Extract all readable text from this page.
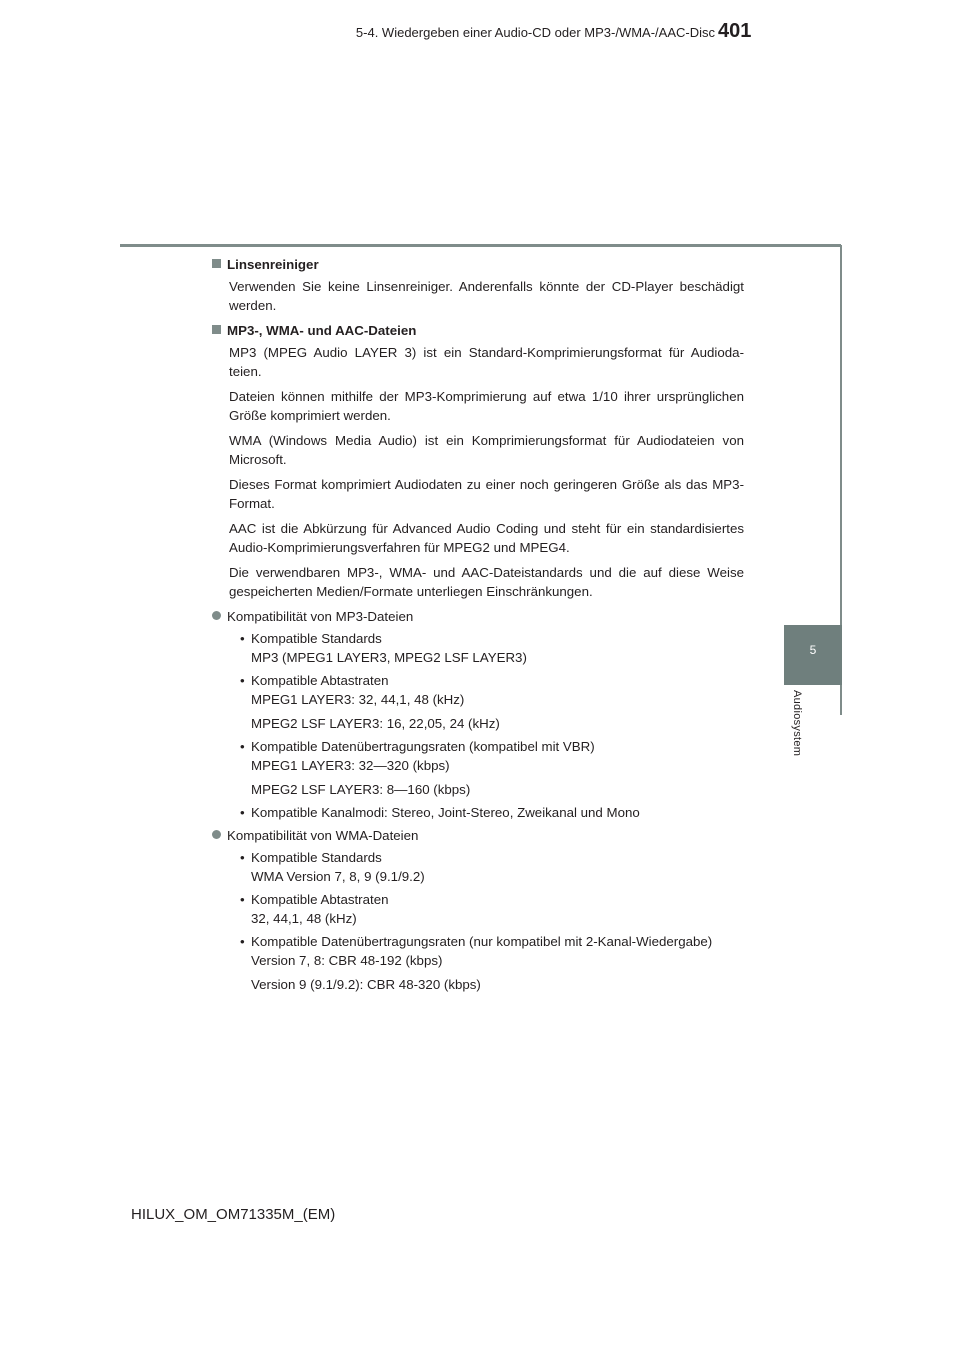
5-4. Wiedergeben einer Audio-CD oder MP3-/WMA-/AAC-Disc 401
5
Audiosystem
Linsenreiniger

Verwenden Sie keine Linsenreiniger. Anderenfalls könnte der CD-Player beschädigt werden.

MP3-, WMA- und AAC-Dateien

MP3 (MPEG Audio LAYER 3) ist ein Standard-Komprimierungsformat für Audioda-teien.

Dateien können mithilfe der MP3-Komprimierung auf etwa 1/10 ihrer ursprünglichen Größe komprimiert werden.

WMA (Windows Media Audio) ist ein Komprimierungsformat für Audiodateien von Microsoft.

Dieses Format komprimiert Audiodaten zu einer noch geringeren Größe als das MP3-Format.

AAC ist die Abkürzung für Advanced Audio Coding und steht für ein standardisiertes Audio-Komprimierungsverfahren für MPEG2 und MPEG4.

Die verwendbaren MP3-, WMA- und AAC-Dateistandards und die auf diese Weise gespeicherten Medien/Formate unterliegen Einschränkungen.

Kompatibilität von MP3-Dateien
• Kompatible Standards
MP3 (MPEG1 LAYER3, MPEG2 LSF LAYER3)
• Kompatible Abtastraten
MPEG1 LAYER3: 32, 44,1, 48 (kHz)
MPEG2 LSF LAYER3: 16, 22,05, 24 (kHz)
• Kompatible Datenübertragungsraten (kompatibel mit VBR)
MPEG1 LAYER3: 32—320 (kbps)
MPEG2 LSF LAYER3: 8—160 (kbps)
• Kompatible Kanalmodi: Stereo, Joint-Stereo, Zweikanal und Mono
Kompatibilität von WMA-Dateien
• Kompatible Standards
WMA Version 7, 8, 9 (9.1/9.2)
• Kompatible Abtastraten
32, 44,1, 48 (kHz)
• Kompatible Datenübertragungsraten (nur kompatibel mit 2-Kanal-Wiedergabe)
Version 7, 8: CBR 48-192 (kbps)
Version 9 (9.1/9.2): CBR 48-320 (kbps)
HILUX_OM_OM71335M_(EM)
